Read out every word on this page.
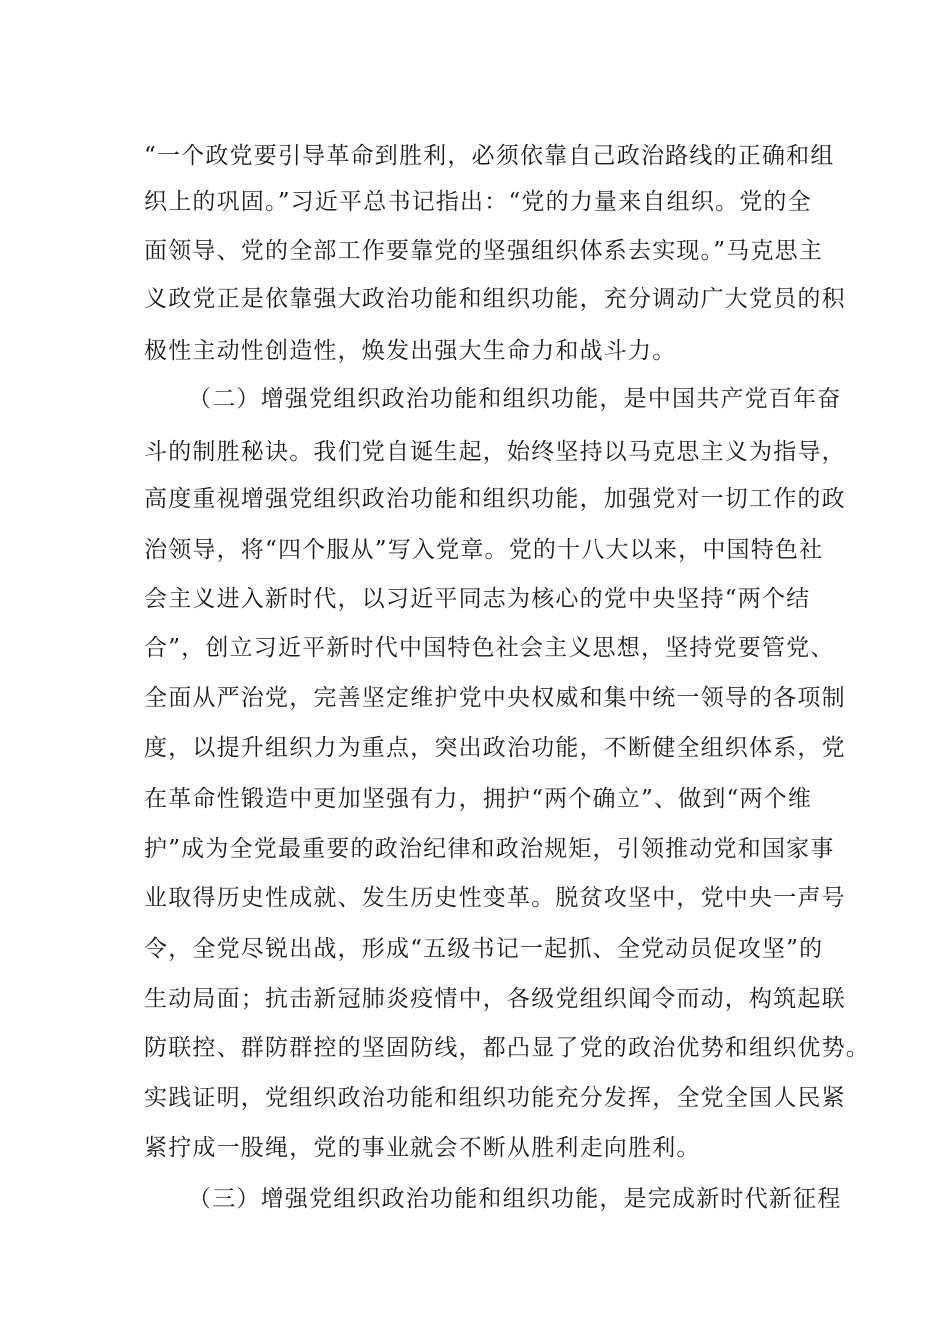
“一个政党要引导革命到胜利，必须依靠自己政治路线的正确和组
织上的巩固。”习近平总书记指出：“党的力量来自组织。党的全
面领导、党的全部工作要靠党的坚强组织体系去实现。”马克思主
义政党正是依靠强大政治功能和组织功能，充分调动广大党员的积
极性主动性创造性，焕发出强大生命力和战斗力。
（二）增强党组织政治功能和组织功能，是中国共产党百年奋
斗的制胜秘诀。我们党自诞生起，始终坚持以马克思主义为指导，
高度重视增强党组织政治功能和组织功能，加强党对一切工作的政
治领导，将“四个服从”写入党章。党的十八大以来，中国特色社
会主义进入新时代，以习近平同志为核心的党中央坚持“两个结
合”，创立习近平新时代中国特色社会主义思想，坚持党要管党、
全面从严治党，完善坚定维护党中央权威和集中统一领导的各项制
度，以提升组织力为重点，突出政治功能，不断健全组织体系，党
在革命性锻造中更加坚强有力，拥护“两个确立”、做到“两个维
护”成为全党最重要的政治纪律和政治规矩，引领推动党和国家事
业取得历史性成就、发生历史性变革。脱贫攻坚中，党中央一声号
令，全党尽锐出战，形成“五级书记一起抓、全党动员促攻坚”的
生动局面；抗击新冠肺炎疫情中，各级党组织闻令而动，构筑起联
防联控、群防群控的坚固防线，都凸显了党的政治优势和组织优势。
实践证明，党组织政治功能和组织功能充分发挥，全党全国人民紧
紧拧成一股绳，党的事业就会不断从胜利走向胜利。
（三）增强党组织政治功能和组织功能，是完成新时代新征程
